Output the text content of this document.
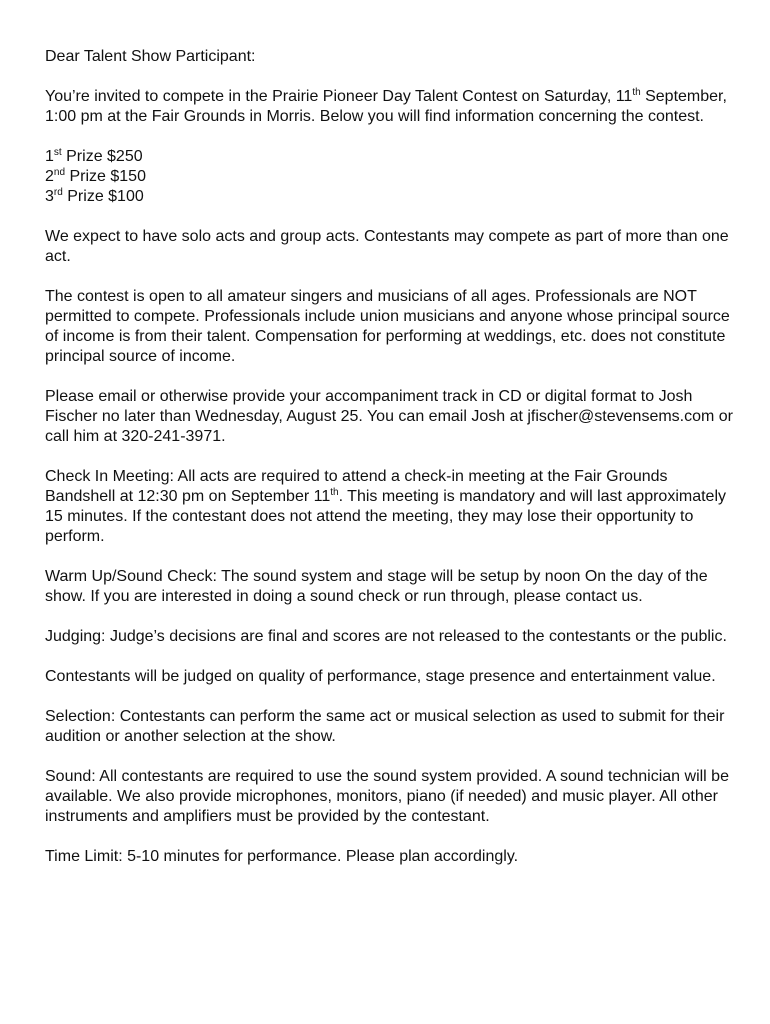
Dear Talent Show Participant:

You’re invited to compete in the Prairie Pioneer Day Talent Contest on Saturday, 11th September, 1:00 pm at the Fair Grounds in Morris. Below you will find information concerning the contest.

1st Prize $250
2nd Prize $150
3rd Prize $100

We expect to have solo acts and group acts. Contestants may compete as part of more than one act.

The contest is open to all amateur singers and musicians of all ages. Professionals are NOT permitted to compete. Professionals include union musicians and anyone whose principal source of income is from their talent. Compensation for performing at weddings, etc. does not constitute principal source of income.

Please email or otherwise provide your accompaniment track in CD or digital format to Josh Fischer no later than Wednesday, August 25. You can email Josh at jfischer@stevensems.com or call him at 320-241-3971.

Check In Meeting: All acts are required to attend a check-in meeting at the Fair Grounds Bandshell at 12:30 pm on September 11th. This meeting is mandatory and will last approximately 15 minutes. If the contestant does not attend the meeting, they may lose their opportunity to perform.

Warm Up/Sound Check: The sound system and stage will be setup by noon On the day of the show. If you are interested in doing a sound check or run through, please contact us.

Judging: Judge’s decisions are final and scores are not released to the contestants or the public.

Contestants will be judged on quality of performance, stage presence and entertainment value.

Selection: Contestants can perform the same act or musical selection as used to submit for their audition or another selection at the show.

Sound: All contestants are required to use the sound system provided. A sound technician will be available. We also provide microphones, monitors, piano (if needed) and music player. All other instruments and amplifiers must be provided by the contestant.

Time Limit: 5-10 minutes for performance. Please plan accordingly.
